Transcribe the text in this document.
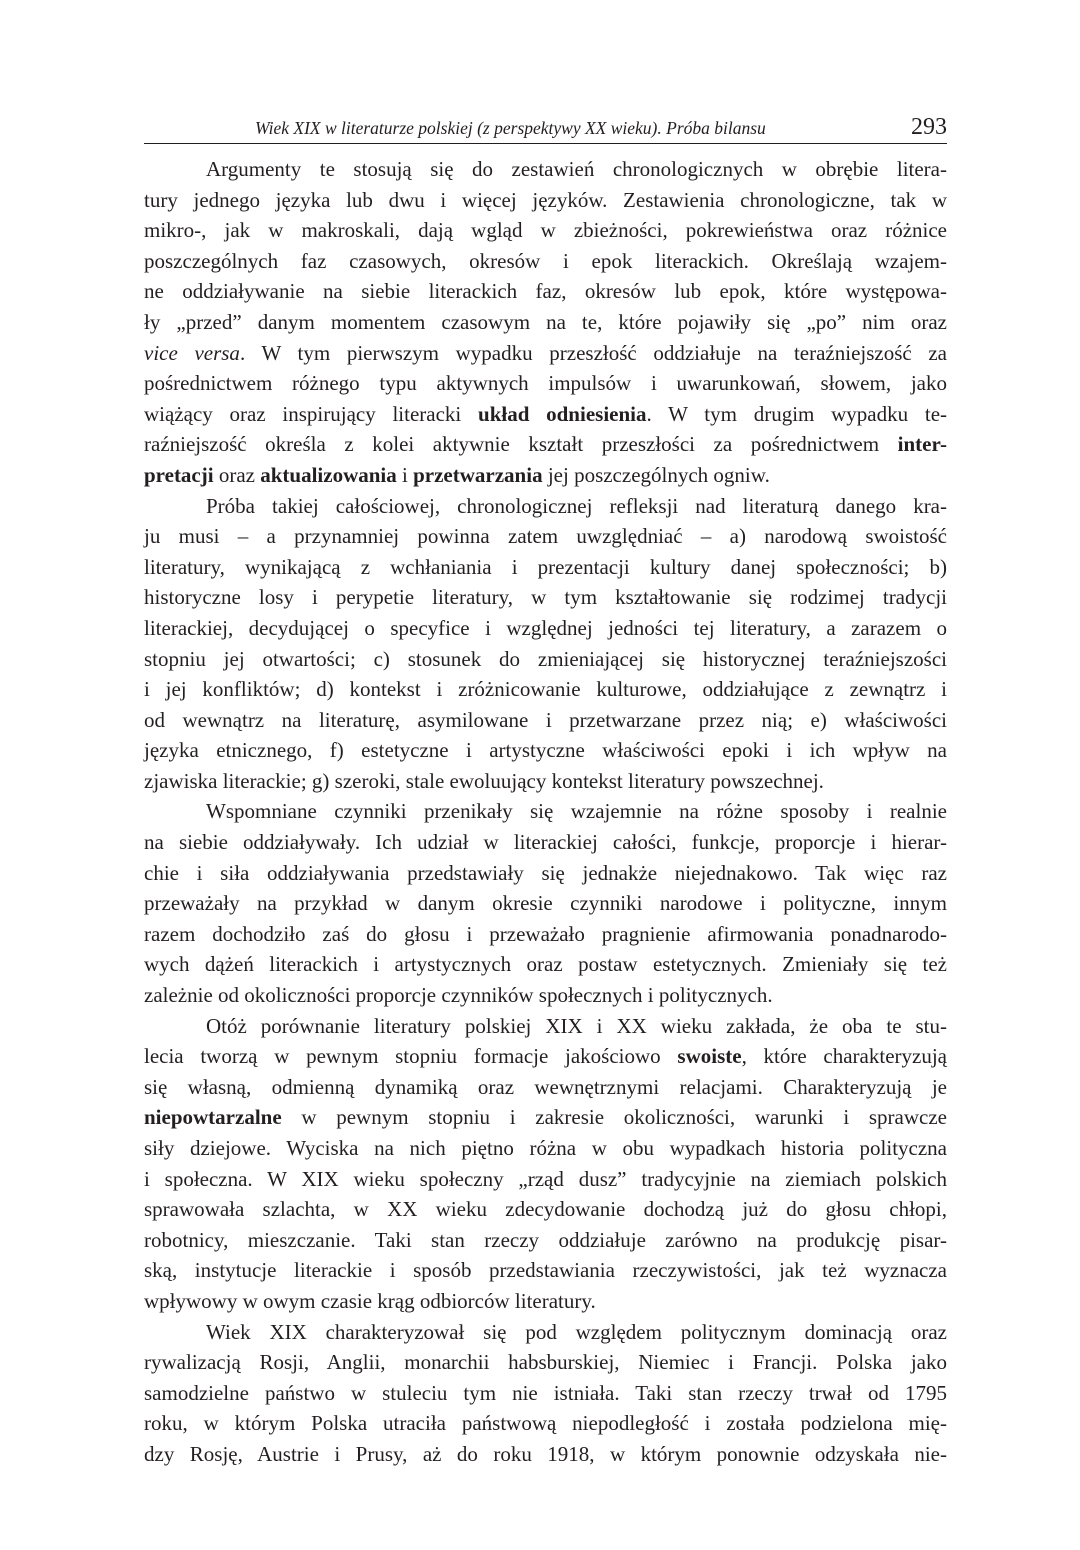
Wiek XIX w literaturze polskiej (z perspektywy XX wieku). Próba bilansu	293

Argumenty te stosują się do zestawień chronologicznych w obrębie litera-
tury jednego języka lub dwu i więcej języków. Zestawienia chronologiczne, tak w
mikro-, jak w makroskali, dają wgląd w zbieżności, pokrewieństwa oraz różnice
poszczególnych faz czasowych, okresów i epok literackich. Określają wzajem-
ne oddziaływanie na siebie literackich faz, okresów lub epok, które występowa-
ły „przed” danym momentem czasowym na te, które pojawiły się „po” nim oraz
vice versa. W tym pierwszym wypadku przeszłość oddziałuje na teraźniejszość za
pośrednictwem różnego typu aktywnych impulsów i uwarunkowań, słowem, jako
wiążący oraz inspirujący literacki układ odniesienia. W tym drugim wypadku te-
raźniejszość określa z kolei aktywnie kształt przeszłości za pośrednictwem inter-
pretacji oraz aktualizowania i przetwarzania jej poszczególnych ogniw.

Próba takiej całościowej, chronologicznej refleksji nad literaturą danego kra-
ju musi – a przynamniej powinna zatem uwzględniać – a) narodową swoistość
literatury, wynikającą z wchłaniania i prezentacji kultury danej społeczności; b)
historyczne losy i perypetie literatury, w tym kształtowanie się rodzimej tradycji
literackiej, decydującej o specyfice i względnej jedności tej literatury, a zarazem o
stopniu jej otwartości; c) stosunek do zmieniającej się historycznej teraźniejszości
i jej konfliktów; d) kontekst i zróżnicowanie kulturowe, oddziałujące z zewnątrz i
od wewnątrz na literaturę, asymilowane i przetwarzane przez nią; e) właściwości
języka etnicznego, f) estetyczne i artystyczne właściwości epoki i ich wpływ na
zjawiska literackie; g) szeroki, stale ewoluujący kontekst literatury powszechnej.

Wspomniane czynniki przenikały się wzajemnie na różne sposoby i realnie
na siebie oddziaływały. Ich udział w literackiej całości, funkcje, proporcje i hierar-
chie i siła oddziaływania przedstawiały się jednakże niejednakowo. Tak więc raz
przeważały na przykład w danym okresie czynniki narodowe i polityczne, innym
razem dochodziło zaś do głosu i przeważało pragnienie afirmowania ponadnarodo-
wych dążeń literackich i artystycznych oraz postaw estetycznych. Zmieniały się też
zależnie od okoliczności proporcje czynników społecznych i politycznych.

Otóż porównanie literatury polskiej XIX i XX wieku zakłada, że oba te stu-
lecia tworzą w pewnym stopniu formacje jakościowo swoiste, które charakteryzują
się własną, odmienną dynamiką oraz wewnętrznymi relacjami. Charakteryzują je
niepowtarzalne w pewnym stopniu i zakresie okoliczności, warunki i sprawcze
siły dziejowe. Wyciska na nich piętno różna w obu wypadkach historia polityczna
i społeczna. W XIX wieku społeczny „rząd dusz” tradycyjnie na ziemiach polskich
sprawowała szlachta, w XX wieku zdecydowanie dochodzą już do głosu chłopi,
robotnicy, mieszczanie. Taki stan rzeczy oddziałuje zarówno na produkcję pisar-
ską, instytucje literackie i sposób przedstawiania rzeczywistości, jak też wyznacza
wpływowy w owym czasie krąg odbiorców literatury.

Wiek XIX charakteryzował się pod względem politycznym dominacją oraz
rywalizacją Rosji, Anglii, monarchii habsburskiej, Niemiec i Francji. Polska jako
samodzielne państwo w stuleciu tym nie istniała. Taki stan rzeczy trwał od 1795
roku, w którym Polska utraciła państwową niepodległość i została podzielona mię-
dzy Rosję, Austrie i Prusy, aż do roku 1918, w którym ponownie odzyskała nie-
